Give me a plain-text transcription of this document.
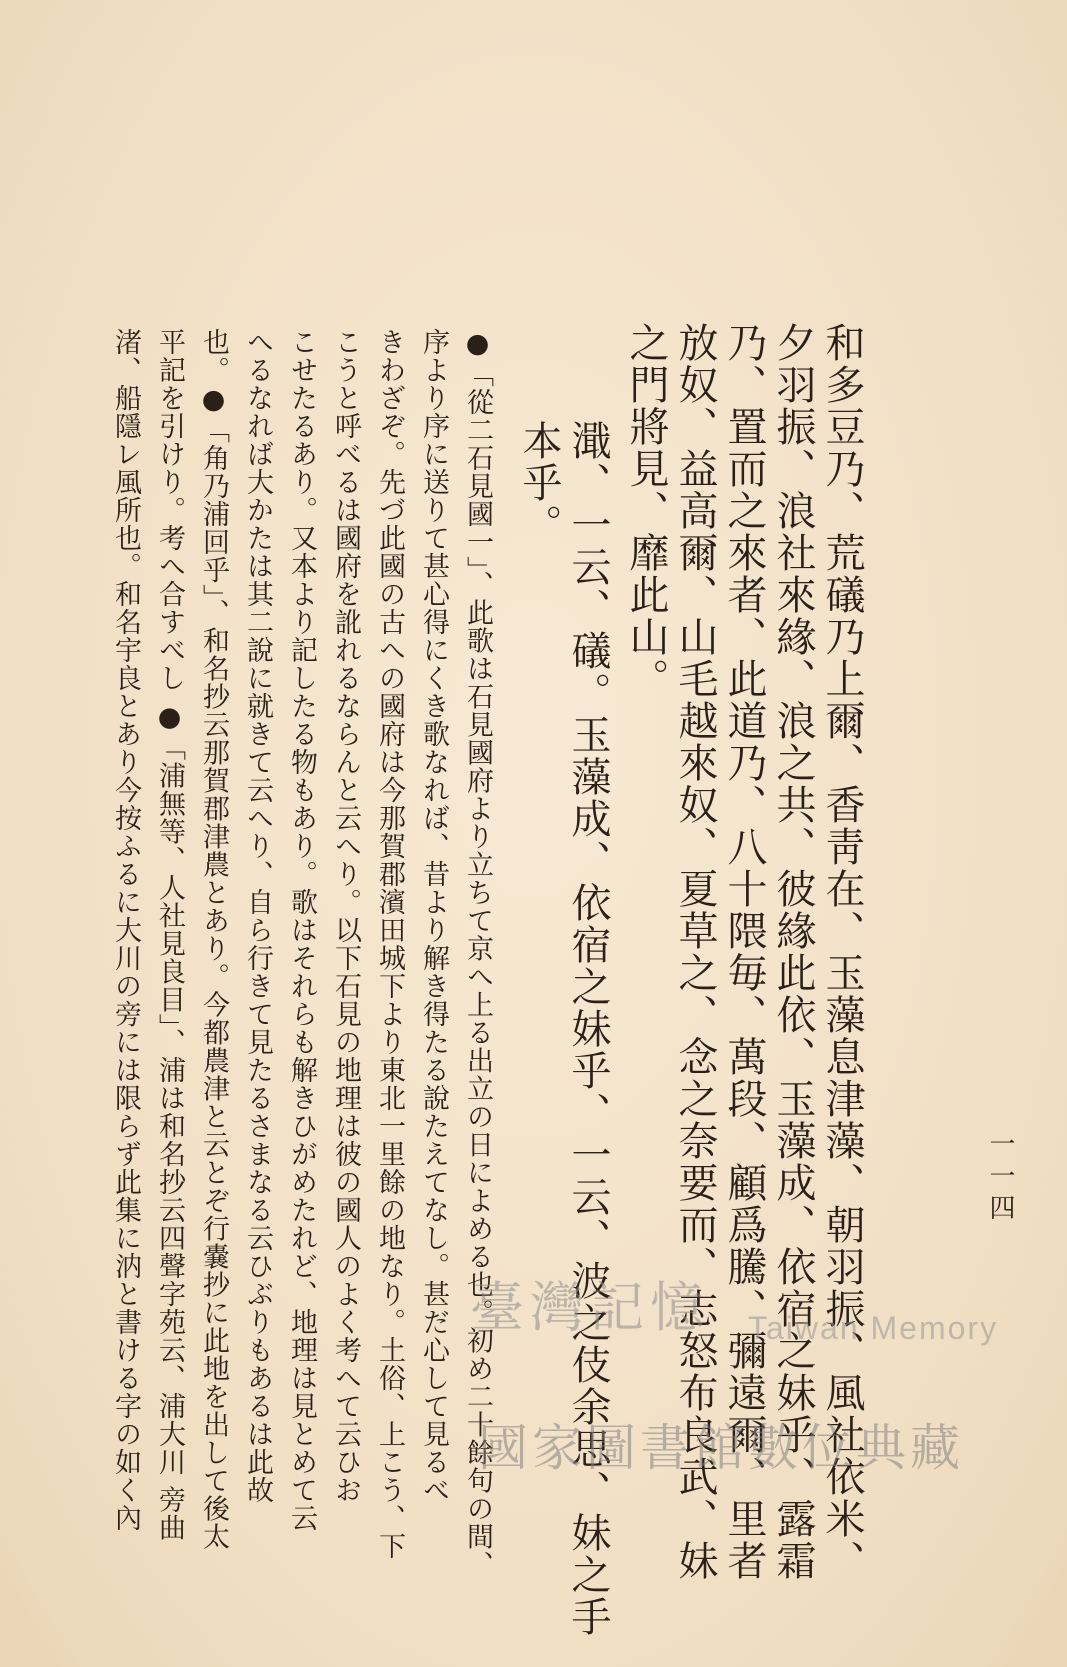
一一四
和多豆乃、荒礒乃上爾、香靑在、玉藻息津藻、朝羽振、風社依米、
夕羽振、浪社來緣、浪之共、彼緣此依、玉藻成、依宿之妹乎、露霜
乃、置而之來者、此道乃、八十隈毎、萬段、顧爲騰、彌遠爾、里者
放奴、益高爾、山毛越來奴、夏草之、念之奈要而、志怒布良武、妹
之門將見、靡此山。
濈、一云、礒。玉藻成、依宿之妹乎、一云、波之伎余思、妹之手
本乎。
●「從二石見國一」、此歌は石見國府より立ちて京へ上る出立の日によめる也。初め二十餘句の間、
序より序に送りて甚心得にくき歌なれば、昔より解き得たる說たえてなし。甚だ心して見るべ
きわざぞ。先づ此國の古への國府は今那賀郡濱田城下より東北一里餘の地なり。土俗、上こう、下
こうと呼べるは國府を訛れるならんと云へり。以下石見の地理は彼の國人のよく考へて云ひお
こせたるあり。又本より記したる物もあり。歌はそれらも解きひがめたれど、地理は見とめて云
へるなれば大かたは其二說に就きて云へり、自ら行きて見たるさまなる云ひぶりもあるは此故
也。●「角乃浦回乎」、和名抄云那賀郡津農とあり。今都農津と云とぞ行嚢抄に此地を出して後太
平記を引けり。考へ合すべし ●「浦無等、人社見良目」、浦は和名抄云四聲字苑云、浦大川 旁曲
渚、船隱レ風所也。和名宇良とあり今按ふるに大川の旁には限らず此集に汭と書ける字の如く內	臺灣記憶 Taiwan Memory
國家圖書館數位典藏
